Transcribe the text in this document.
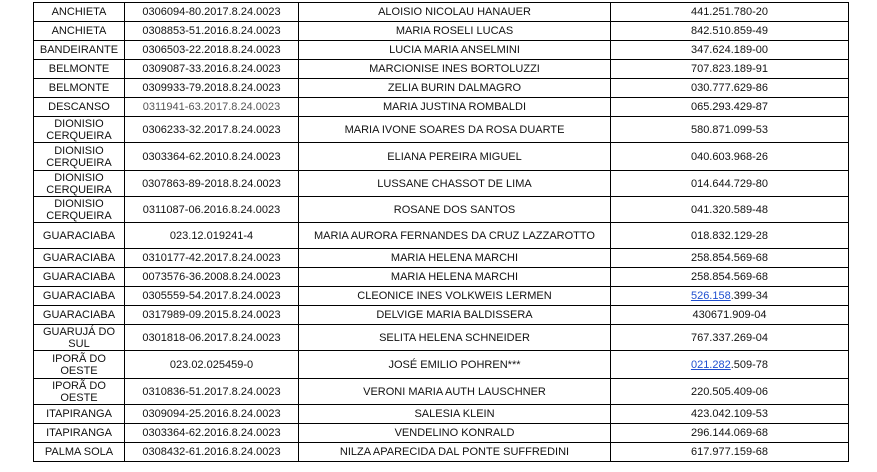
ANCHIETA	0306094-80.2017.8.24.0023	ALOISIO NICOLAU HANAUER	441.251.780-20
ANCHIETA	0308853-51.2016.8.24.0023	MARIA ROSELI LUCAS	842.510.859-49
BANDEIRANTE	0306503-22.2018.8.24.0023	LUCIA MARIA ANSELMINI	347.624.189-00
BELMONTE	0309087-33.2016.8.24.0023	MARCIONISE INES BORTOLUZZI	707.823.189-91
BELMONTE	0309933-79.2018.8.24.0023	ZELIA BURIN DALMAGRO	030.777.629-86
DESCANSO	0311941-63.2017.8.24.0023	MARIA JUSTINA ROMBALDI	065.293.429-87
DIONISIO CERQUEIRA	0306233-32.2017.8.24.0023	MARIA IVONE SOARES DA ROSA DUARTE	580.871.099-53
DIONISIO CERQUEIRA	0303364-62.2010.8.24.0023	ELIANA PEREIRA MIGUEL	040.603.968-26
DIONISIO CERQUEIRA	0307863-89-2018.8.24.0023	LUSSANE CHASSOT DE LIMA	014.644.729-80
DIONISIO CERQUEIRA	0311087-06.2016.8.24.0023	ROSANE DOS SANTOS	041.320.589-48
GUARACIABA	023.12.019241-4	MARIA AURORA FERNANDES DA CRUZ LAZZAROTTO	018.832.129-28
GUARACIABA	0310177-42.2017.8.24.0023	MARIA HELENA MARCHI	258.854.569-68
GUARACIABA	0073576-36.2008.8.24.0023	MARIA HELENA MARCHI	258.854.569-68
GUARACIABA	0305559-54.2017.8.24.0023	CLEONICE INES VOLKWEIS LERMEN	526.158.399-34
GUARACIABA	0317989-09.2015.8.24.0023	DELVIGE MARIA BALDISSERA	430671.909-04
GUARUJÁ DO SUL	0301818-06.2017.8.24.0023	SELITA HELENA SCHNEIDER	767.337.269-04
IPORÃ DO OESTE	023.02.025459-0	JOSÉ EMILIO POHREN***	021.282.509-78
IPORÃ DO OESTE	0310836-51.2017.8.24.0023	VERONI MARIA AUTH LAUSCHNER	220.505.409-06
ITAPIRANGA	0309094-25.2016.8.24.0023	SALESIA KLEIN	423.042.109-53
ITAPIRANGA	0303364-62.2016.8.24.0023	VENDELINO KONRALD	296.144.069-68
PALMA SOLA	0308432-61.2016.8.24.0023	NILZA APARECIDA DAL PONTE SUFFREDINI	617.977.159-68
